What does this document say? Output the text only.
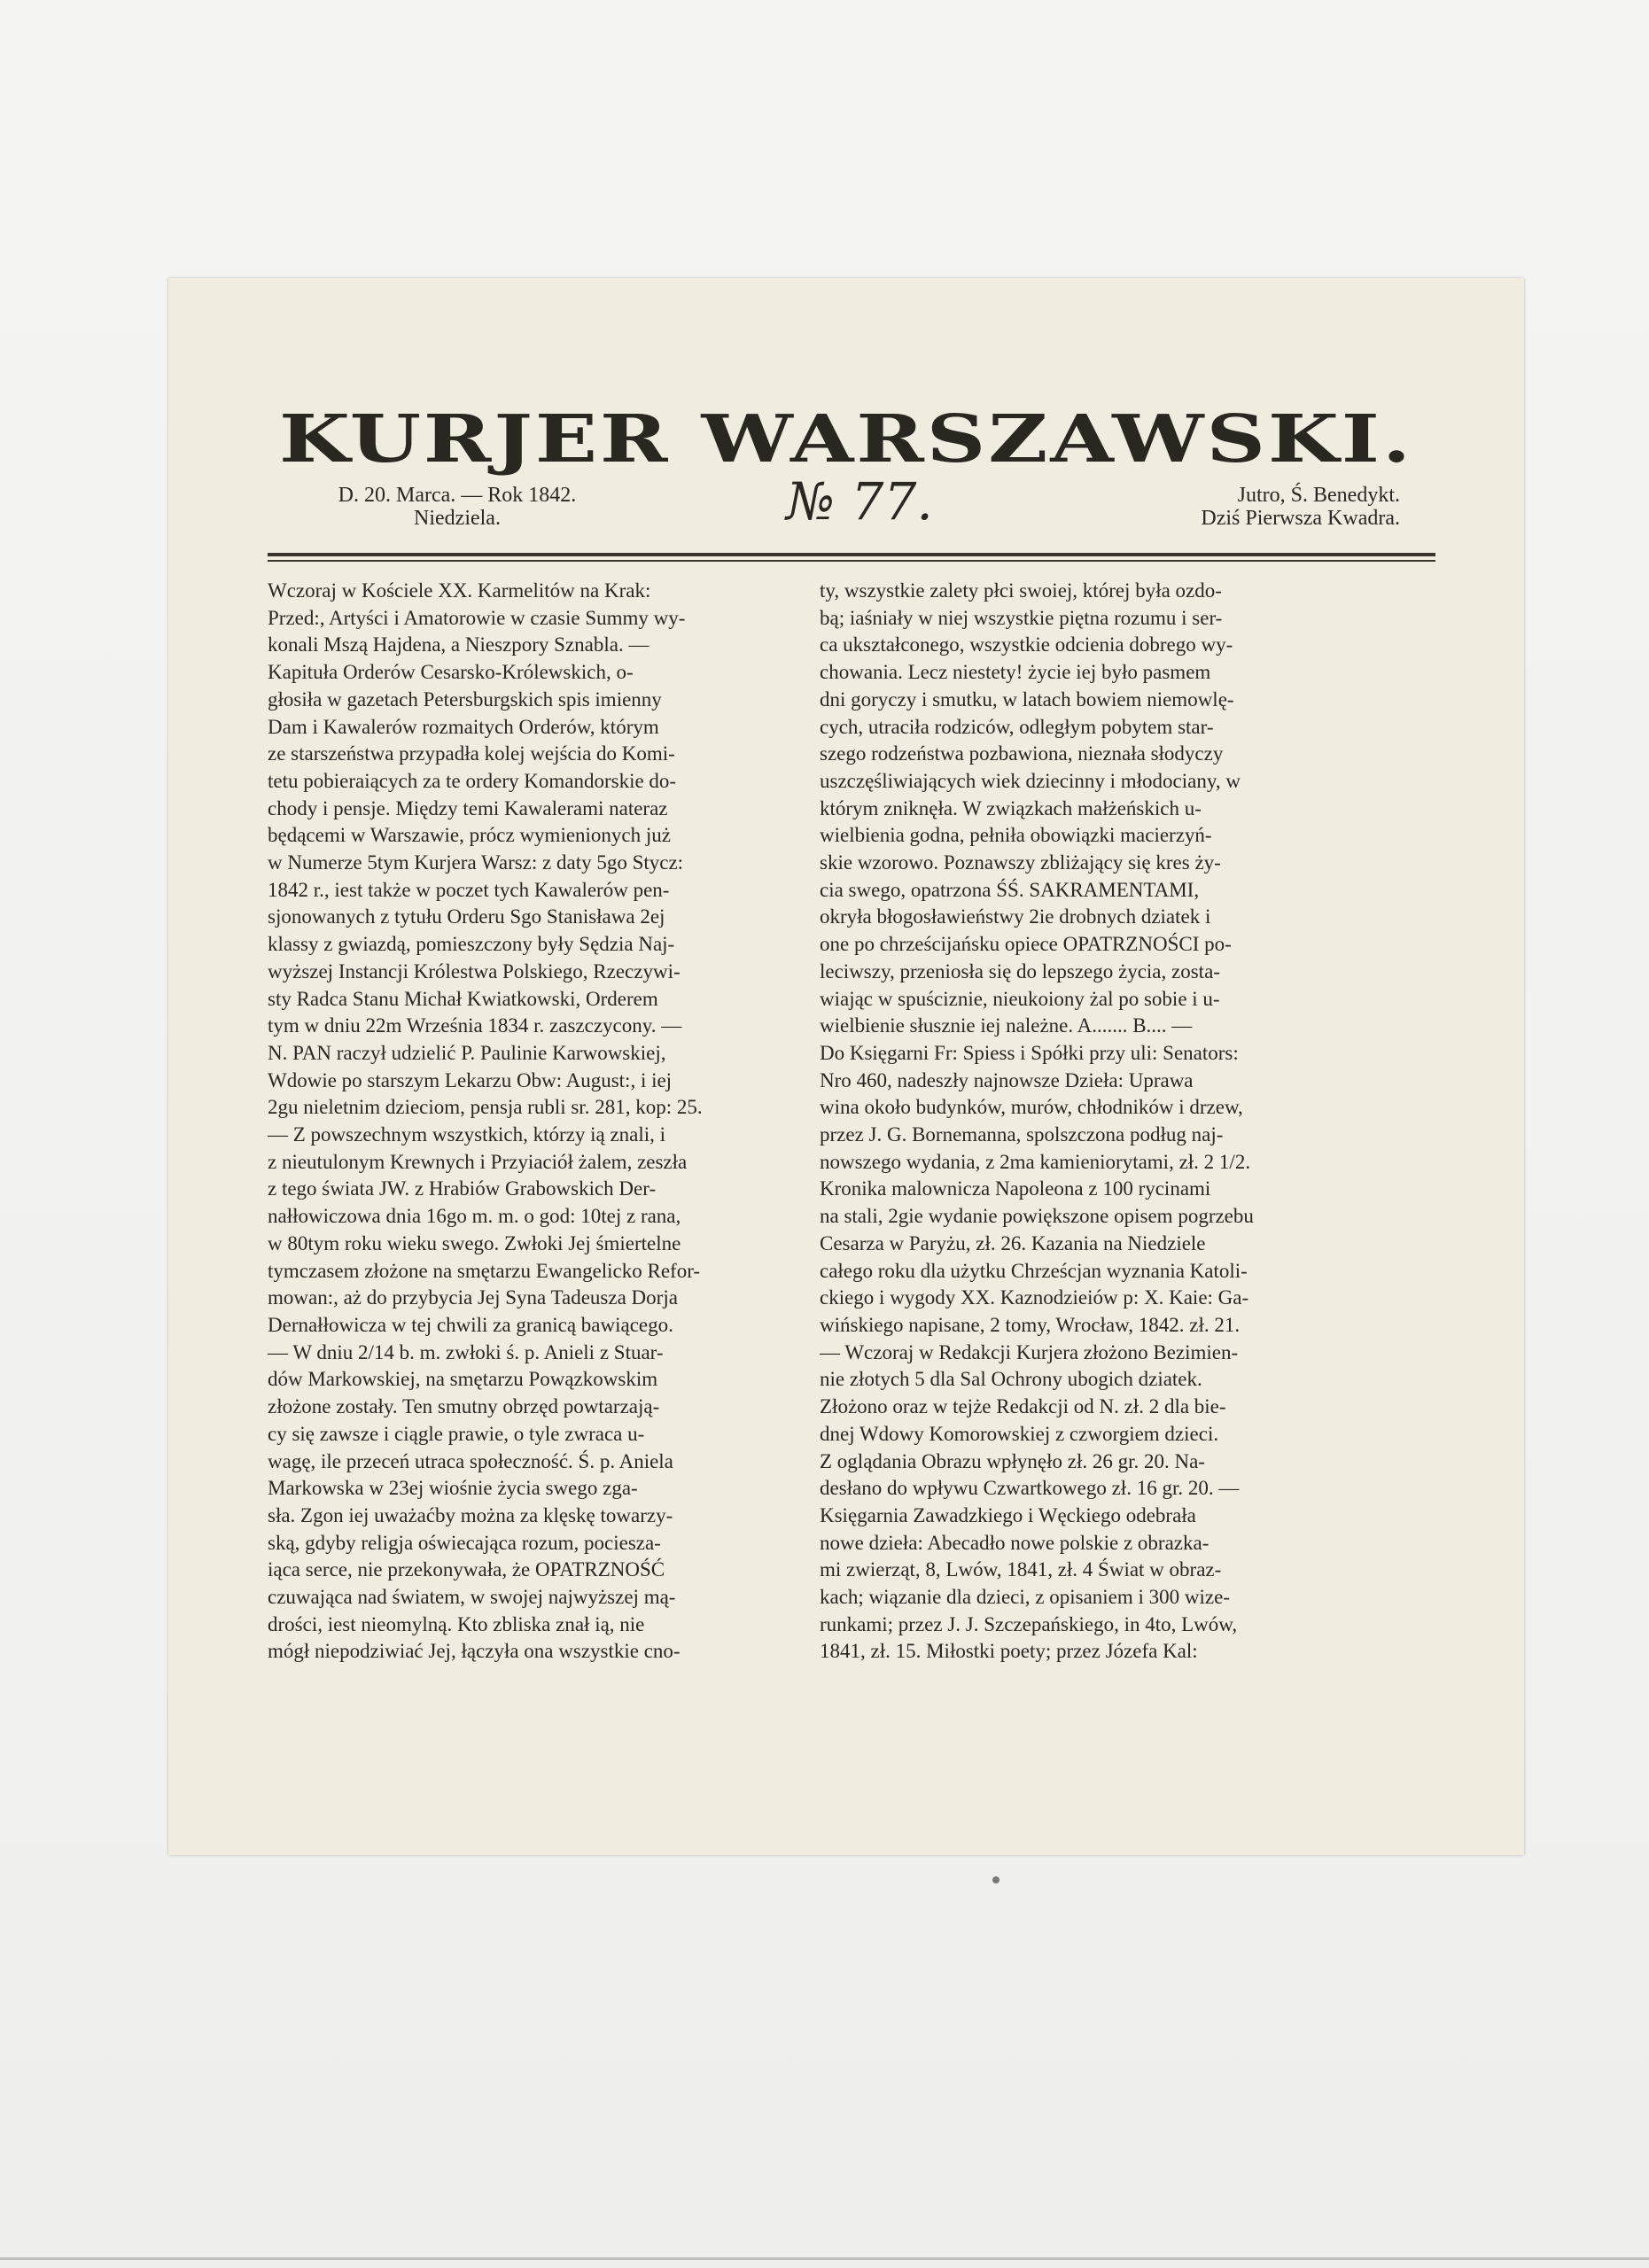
KURJER WARSZAWSKI.
D. 20. Marca. — Rok 1842.
Niedziela.	№ 77.	Jutro, Ś. Benedykt.
Dziś Pierwsza Kwadra.
Wczoraj w Kościele XX. Karmelitów na Krak:
Przed:, Artyści i Amatorowie w czasie Summy wy-
konali Mszą Hajdena, a Nieszpory Sznabla. —
Kapituła Orderów Cesarsko-Królewskich, o-
głosiła w gazetach Petersburgskich spis imienny
Dam i Kawalerów rozmaitych Orderów, którym
ze starszeństwa przypadła kolej wejścia do Komi-
tetu pobieraiących za te ordery Komandorskie do-
chody i pensje. Między temi Kawalerami nateraz
będącemi w Warszawie, prócz wymienionych już
w Numerze 5tym Kurjera Warsz: z daty 5go Stycz:
1842 r., iest także w poczet tych Kawalerów pen-
sjonowanych z tytułu Orderu Sgo Stanisława 2ej
klassy z gwiazdą, pomieszczony były Sędzia Naj-
wyższej Instancji Królestwa Polskiego, Rzeczywi-
sty Radca Stanu Michał Kwiatkowski, Orderem
tym w dniu 22m Września 1834 r. zaszczycony. —
N. PAN raczył udzielić P. Paulinie Karwowskiej,
Wdowie po starszym Lekarzu Obw: August:, i iej
2gu nieletnim dzieciom, pensja rubli sr. 281, kop: 25.
— Z powszechnym wszystkich, którzy ią znali, i
z nieutulonym Krewnych i Przyiaciół żalem, zeszła
z tego świata JW. z Hrabiów Grabowskich Der-
nałłowiczowa dnia 16go m. m. o god: 10tej z rana,
w 80tym roku wieku swego. Zwłoki Jej śmiertelne
tymczasem złożone na smętarzu Ewangelicko Refor-
mowan:, aż do przybycia Jej Syna Tadeusza Dorja
Dernałłowicza w tej chwili za granicą bawiącego.
— W dniu 2/14 b. m. zwłoki ś. p. Anieli z Stuar-
dów Markowskiej, na smętarzu Powązkowskim
złożone zostały. Ten smutny obrzęd powtarzają-
cy się zawsze i ciągle prawie, o tyle zwraca u-
wagę, ile przeceń utraca społeczność. Ś. p. Aniela
Markowska w 23ej wiośnie życia swego zga-
sła. Zgon iej uważaćby można za klęskę towarzy-
ską, gdyby religja oświecająca rozum, pociesza-
iąca serce, nie przekonywała, że OPATRZNOŚĆ
czuwająca nad światem, w swojej najwyższej mą-
drości, iest nieomylną. Kto zbliska znał ią, nie
mógł niepodziwiać Jej, łączyła ona wszystkie cno-
ty, wszystkie zalety płci swoiej, której była ozdo-
bą; iaśniały w niej wszystkie piętna rozumu i ser-
ca ukształconego, wszystkie odcienia dobrego wy-
chowania. Lecz niestety! życie iej było pasmem
dni goryczy i smutku, w latach bowiem niemowlę-
cych, utraciła rodziców, odległym pobytem star-
szego rodzeństwa pozbawiona, nieznała słodyczy
uszczęśliwiających wiek dziecinny i młodociany, w
którym zniknęła. W związkach małżeńskich u-
wielbienia godna, pełniła obowiązki macierzyń-
skie wzorowo. Poznawszy zbliżający się kres ży-
cia swego, opatrzona ŚŚ. SAKRAMENTAMI,
okryła błogosławieństwy 2ie drobnych dziatek i
one po chrześcijańsku opiece OPATRZNOŚCI po-
leciwszy, przeniosła się do lepszego życia, zosta-
wiając w spuściznie, nieukoiony żal po sobie i u-
wielbienie słusznie iej należne. A....... B.... —
Do Księgarni Fr: Spiess i Spółki przy uli: Senators:
Nro 460, nadeszły najnowsze Dzieła: Uprawa
wina około budynków, murów, chłodników i drzew,
przez J. G. Bornemanna, spolszczona podług naj-
nowszego wydania, z 2ma kamieniorytami, zł. 2 1/2.
Kronika malownicza Napoleona z 100 rycinami
na stali, 2gie wydanie powiększone opisem pogrzebu
Cesarza w Paryżu, zł. 26. Kazania na Niedziele
całego roku dla użytku Chrześcjan wyznania Katoli-
ckiego i wygody XX. Kaznodzieiów p: X. Kaie: Ga-
wińskiego napisane, 2 tomy, Wrocław, 1842. zł. 21.
— Wczoraj w Redakcji Kurjera złożono Bezimien-
nie złotych 5 dla Sal Ochrony ubogich dziatek.
Złożono oraz w tejże Redakcji od N. zł. 2 dla bie-
dnej Wdowy Komorowskiej z czworgiem dzieci.
Z oglądania Obrazu wpłynęło zł. 26 gr. 20. Na-
desłano do wpływu Czwartkowego zł. 16 gr. 20. —
Księgarnia Zawadzkiego i Węckiego odebrała
nowe dzieła: Abecadło nowe polskie z obrazka-
mi zwierząt, 8, Lwów, 1841, zł. 4 Świat w obraz-
kach; wiązanie dla dzieci, z opisaniem i 300 wize-
runkami; przez J. J. Szczepańskiego, in 4to, Lwów,
1841, zł. 15. Miłostki poety; przez Józefa Kal:
